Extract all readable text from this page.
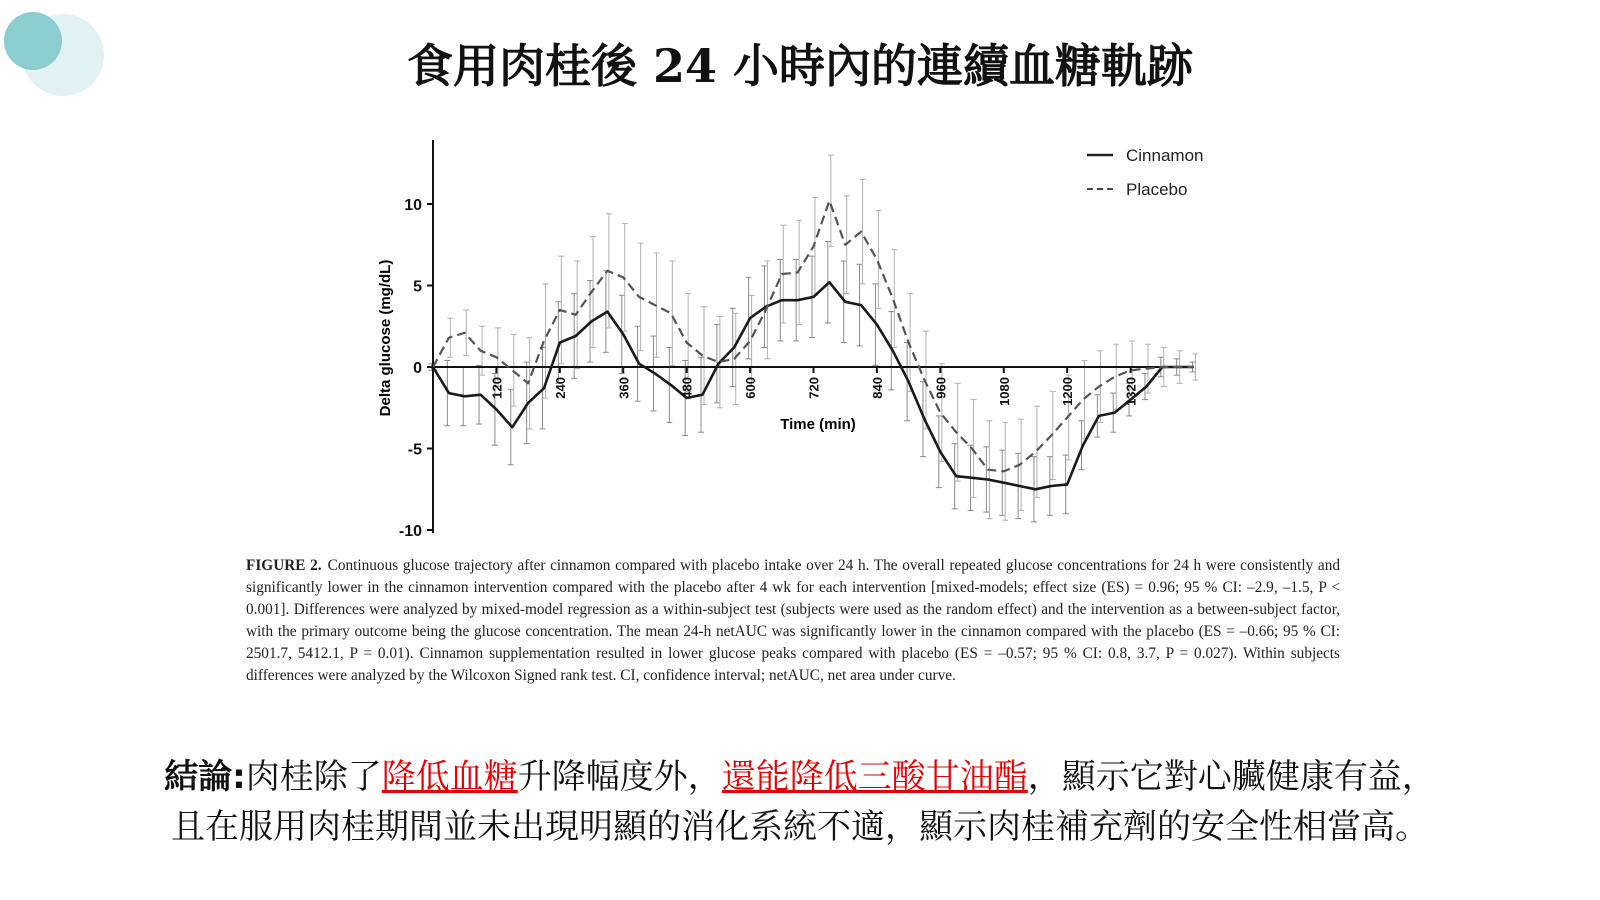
食用肉桂後 24 小時內的連續血糖軌跡
10
5
0
-5
-10
120	240	360	480	600	720	840	960	1080	1200	1320
Delta glucose (mg/dL)
Time (min)
Cinnamon
Placebo
FIGURE 2. Continuous glucose trajectory after cinnamon compared with placebo intake over 24 h. The overall repeated glucose concentrations for 24 h were consistently and significantly lower in the cinnamon intervention compared with the placebo after 4 wk for each intervention [mixed-models; effect size (ES) = 0.96; 95 % CI: –2.9, –1.5, P < 0.001]. Differences were analyzed by mixed-model regression as a within-subject test (subjects were used as the random effect) and the intervention as a between-subject factor, with the primary outcome being the glucose concentration. The mean 24-h netAUC was significantly lower in the cinnamon compared with the placebo (ES = –0.66; 95 % CI: 2501.7, 5412.1, P = 0.01). Cinnamon supplementation resulted in lower glucose peaks compared with placebo (ES = –0.57; 95 % CI: 0.8, 3.7, P = 0.027). Within subjects differences were analyzed by the Wilcoxon Signed rank test. CI, confidence interval; netAUC, net area under curve.
結論:肉桂除了降低血糖升降幅度外，還能降低三酸甘油酯，顯示它對心臟健康有益，
且在服用肉桂期間並未出現明顯的消化系統不適，顯示肉桂補充劑的安全性相當高。
